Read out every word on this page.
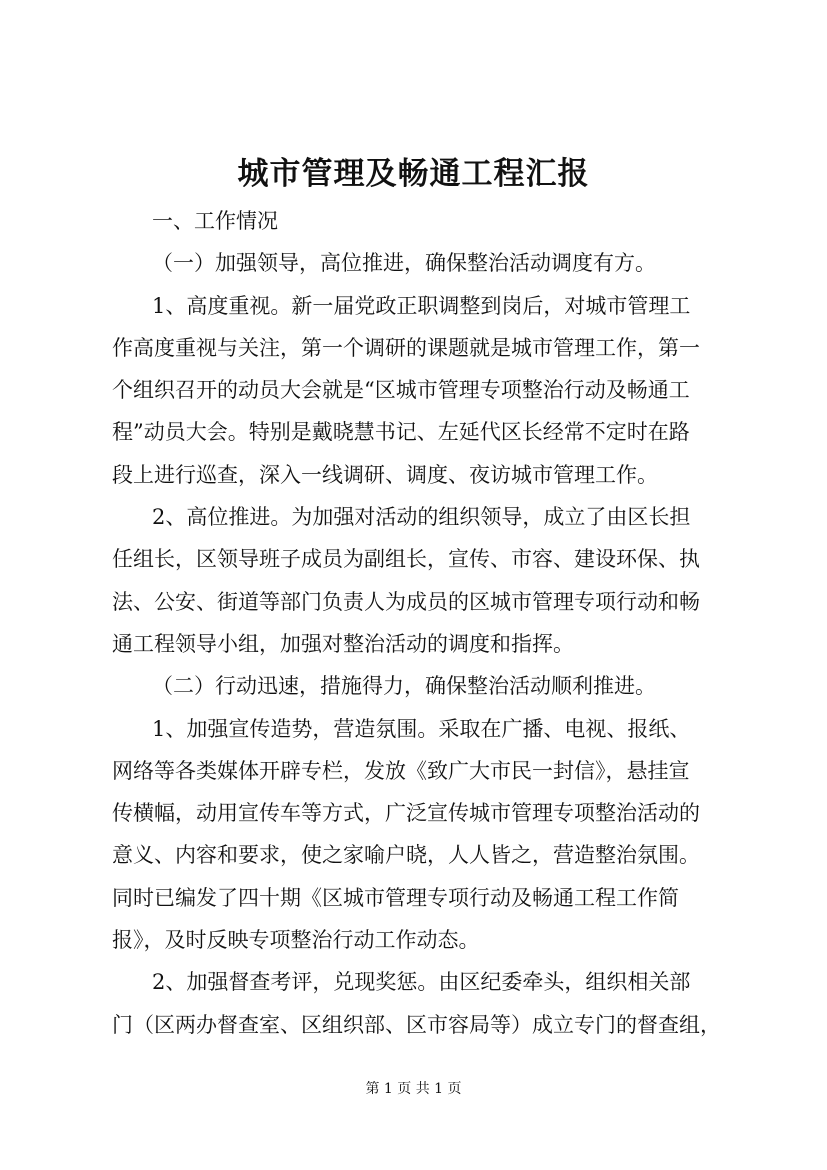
城市管理及畅通工程汇报
一、工作情况
（一）加强领导，高位推进，确保整治活动调度有方。
1、高度重视。新一届党政正职调整到岗后，对城市管理工
作高度重视与关注，第一个调研的课题就是城市管理工作，第一
个组织召开的动员大会就是“区城市管理专项整治行动及畅通工
程”动员大会。特别是戴晓慧书记、左延代区长经常不定时在路
段上进行巡查，深入一线调研、调度、夜访城市管理工作。
2、高位推进。为加强对活动的组织领导，成立了由区长担
任组长，区领导班子成员为副组长，宣传、市容、建设环保、执
法、公安、街道等部门负责人为成员的区城市管理专项行动和畅
通工程领导小组，加强对整治活动的调度和指挥。
（二）行动迅速，措施得力，确保整治活动顺利推进。
1、加强宣传造势，营造氛围。采取在广播、电视、报纸、
网络等各类媒体开辟专栏，发放《致广大市民一封信》，悬挂宣
传横幅，动用宣传车等方式，广泛宣传城市管理专项整治活动的
意义、内容和要求，使之家喻户晓，人人皆之，营造整治氛围。
同时已编发了四十期《区城市管理专项行动及畅通工程工作简
报》，及时反映专项整治行动工作动态。
2、加强督查考评，兑现奖惩。由区纪委牵头，组织相关部
门（区两办督查室、区组织部、区市容局等）成立专门的督查组，
第 1 页 共 1 页
